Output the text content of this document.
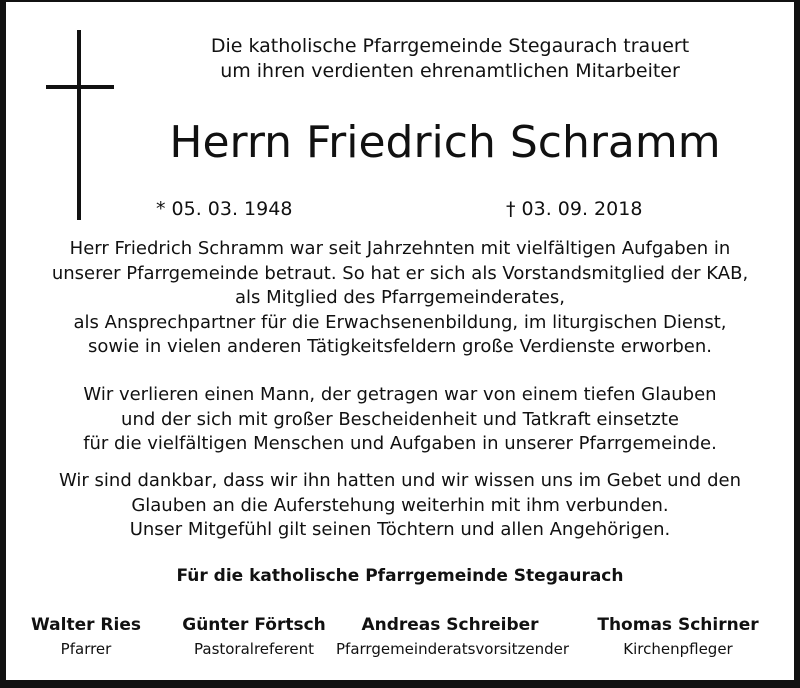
Die katholische Pfarrgemeinde Stegaurach trauert
um ihren verdienten ehrenamtlichen Mitarbeiter
Herrn Friedrich Schramm
* 05. 03. 1948	† 03. 09. 2018
Herr Friedrich Schramm war seit Jahrzehnten mit vielfältigen Aufgaben in
unserer Pfarrgemeinde betraut. So hat er sich als Vorstandsmitglied der KAB,
als Mitglied des Pfarrgemeinderates,
als Ansprechpartner für die Erwachsenenbildung, im liturgischen Dienst,
sowie in vielen anderen Tätigkeitsfeldern große Verdienste erworben.
Wir verlieren einen Mann, der getragen war von einem tiefen Glauben
und der sich mit großer Bescheidenheit und Tatkraft einsetzte
für die vielfältigen Menschen und Aufgaben in unserer Pfarrgemeinde.
Wir sind dankbar, dass wir ihn hatten und wir wissen uns im Gebet und den
Glauben an die Auferstehung weiterhin mit ihm verbunden.
Unser Mitgefühl gilt seinen Töchtern und allen Angehörigen.
Für die katholische Pfarrgemeinde Stegaurach
Walter Ries
Pfarrer
Günter Förtsch
Pastoralreferent
Andreas Schreiber
Pfarrgemeinderatsvorsitzender
Thomas Schirner
Kirchenpfleger
